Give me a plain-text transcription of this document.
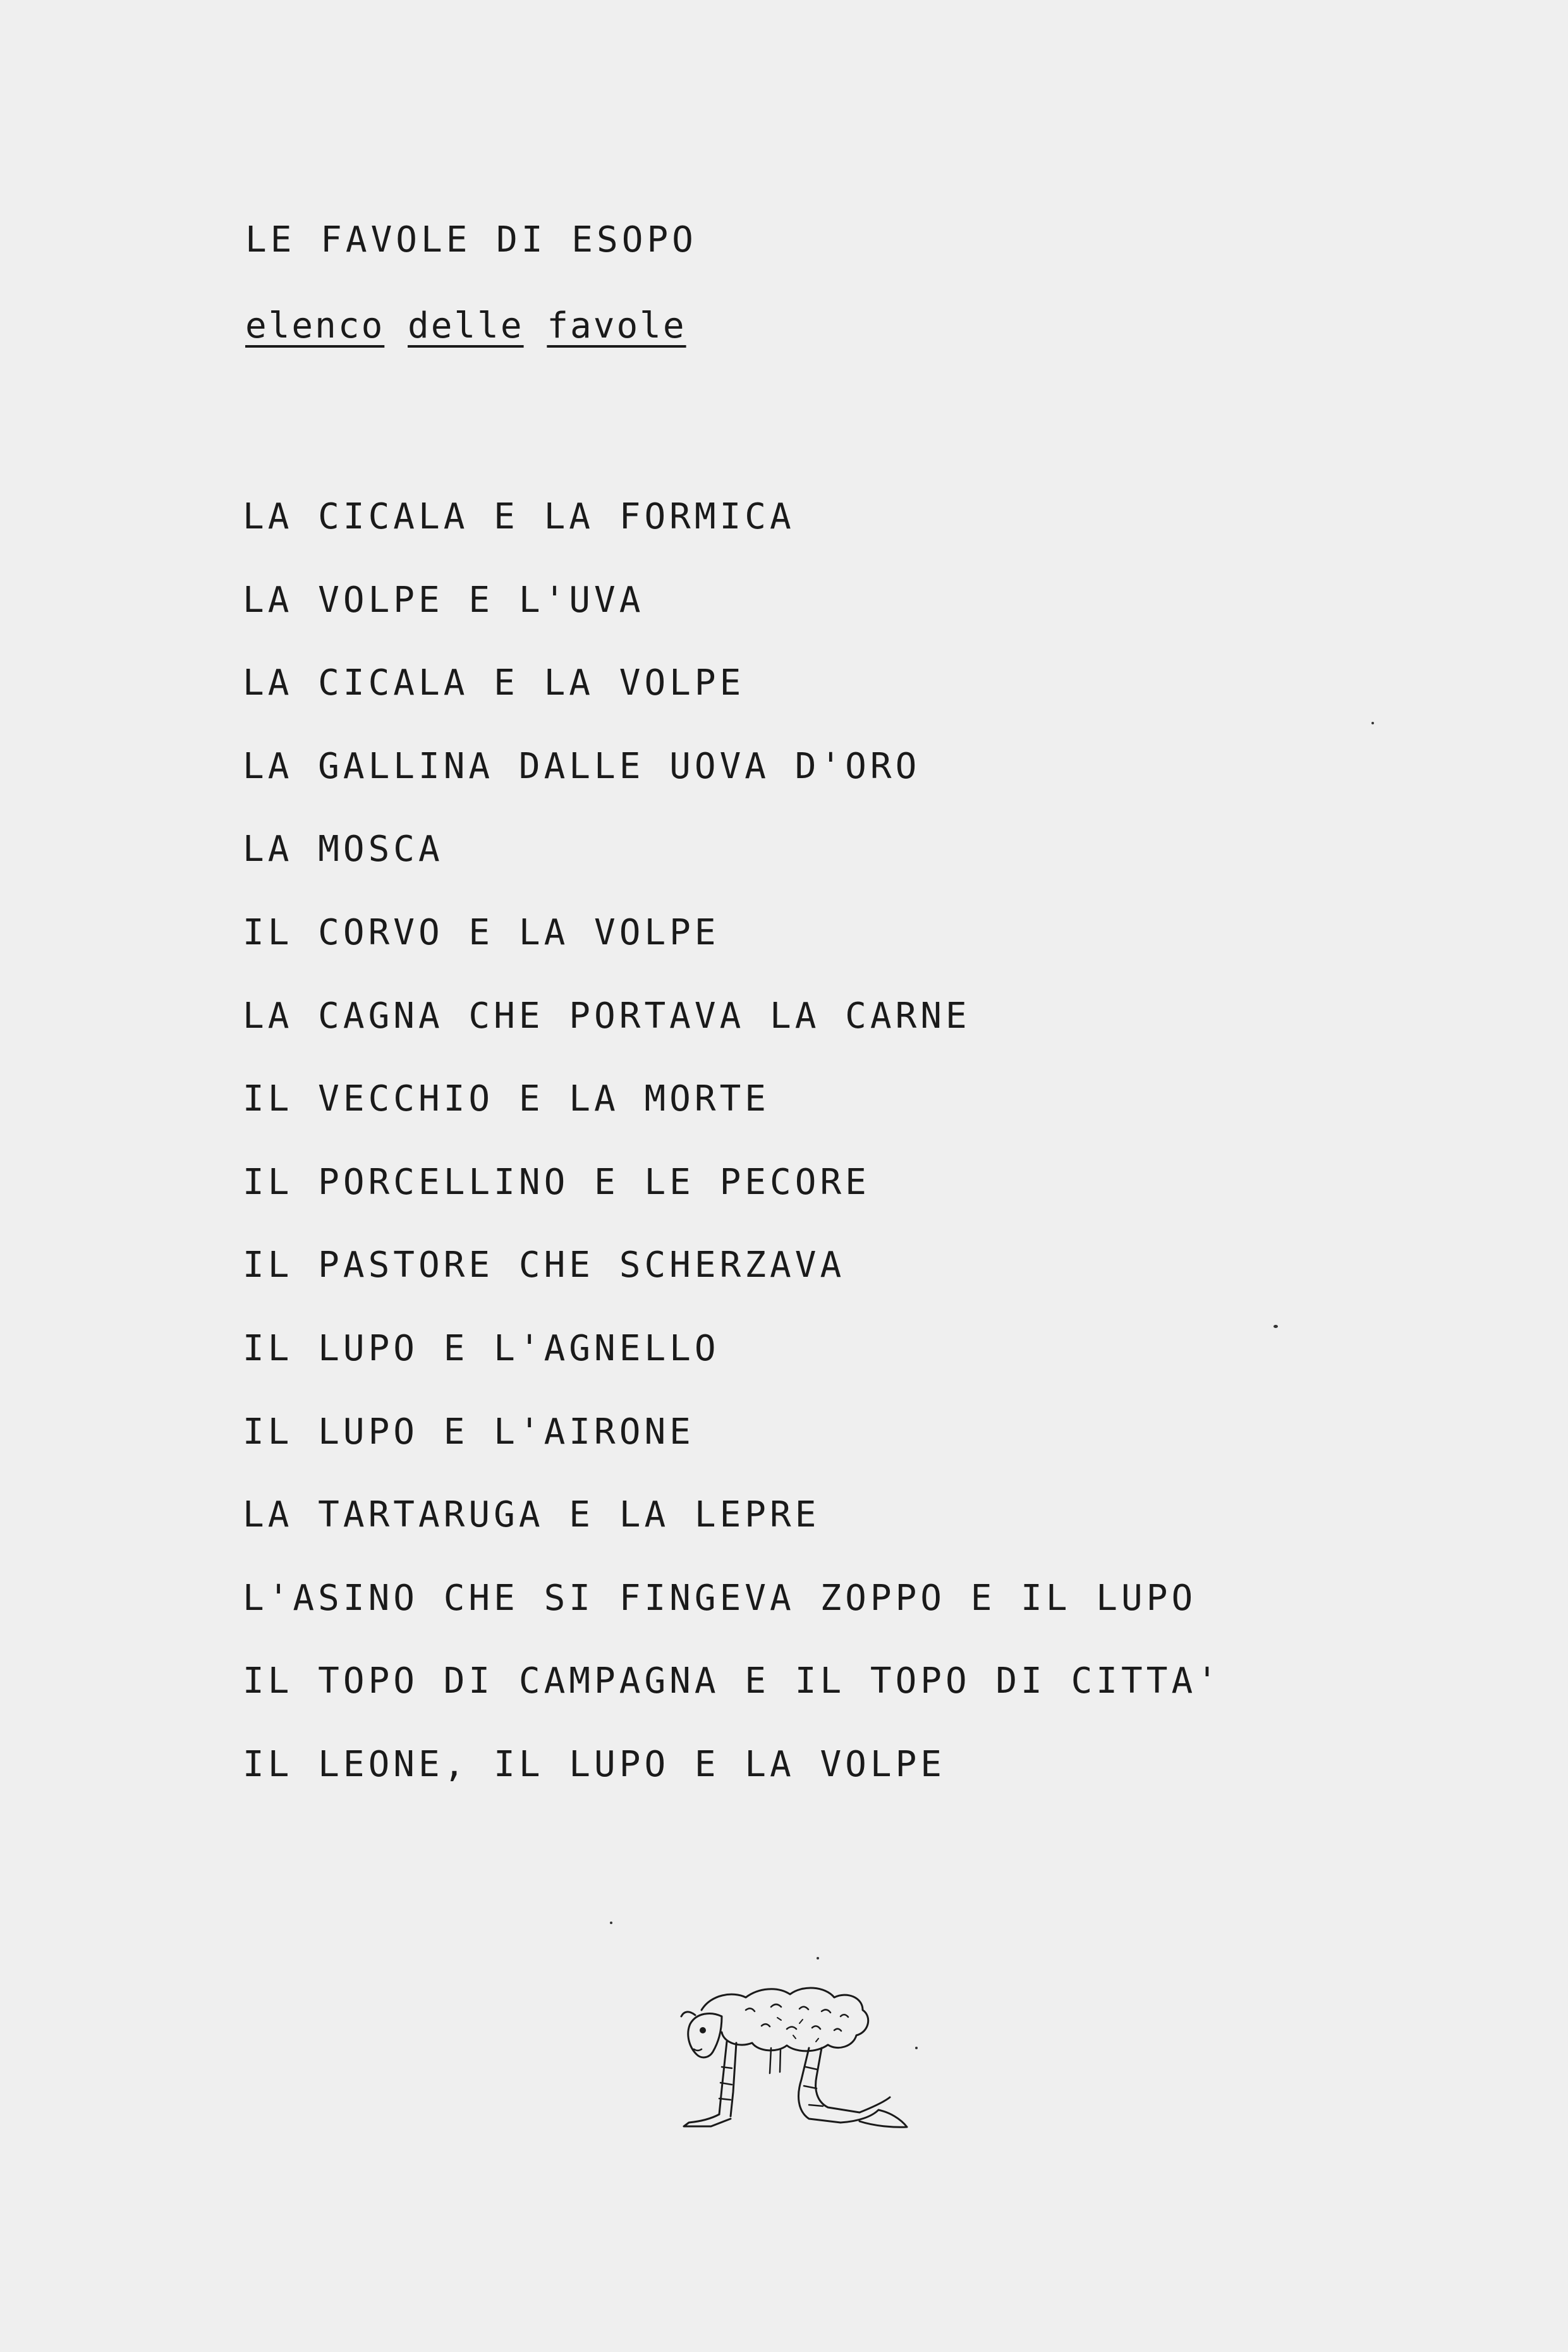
LE FAVOLE DI ESOPO
elenco delle favole
LA CICALA E LA FORMICA
LA VOLPE E L'UVA
LA CICALA E LA VOLPE
LA GALLINA DALLE UOVA D'ORO
LA MOSCA
IL CORVO E LA VOLPE
LA CAGNA CHE PORTAVA LA CARNE
IL VECCHIO E LA MORTE
IL PORCELLINO E LE PECORE
IL PASTORE CHE SCHERZAVA
IL LUPO E L'AGNELLO
IL LUPO E L'AIRONE
LA TARTARUGA E LA LEPRE
L'ASINO CHE SI FINGEVA ZOPPO E IL LUPO
IL TOPO DI CAMPAGNA E IL TOPO DI CITTA'
IL LEONE, IL LUPO E LA VOLPE
